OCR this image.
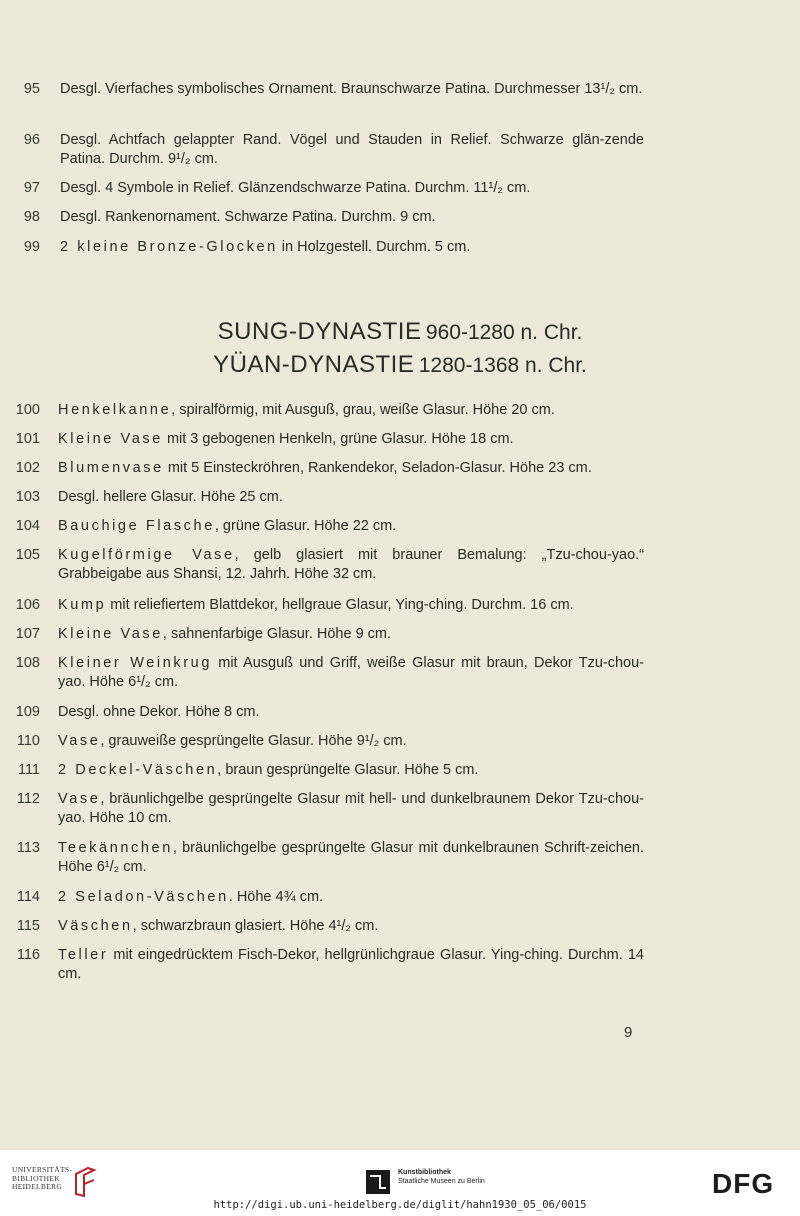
95 Desgl. Vierfaches symbolisches Ornament. Braunschwarze Patina. Durchmesser 13¹/₂ cm.
96 Desgl. Achtfach gelappter Rand. Vögel und Stauden in Relief. Schwarze glän-zende Patina. Durchm. 9¹/₂ cm.
97 Desgl. 4 Symbole in Relief. Glänzendschwarze Patina. Durchm. 11¹/₂ cm.
98 Desgl. Rankenornament. Schwarze Patina. Durchm. 9 cm.
99 2 kleine Bronze-Glocken in Holzgestell. Durchm. 5 cm.
SUNG-DYNASTIE 960-1280 n. Chr.
YÜAN-DYNASTIE 1280-1368 n. Chr.
100 Henkelkanne, spiralförmig, mit Ausguß, grau, weiße Glasur. Höhe 20 cm.
101 Kleine Vase mit 3 gebogenen Henkeln, grüne Glasur. Höhe 18 cm.
102 Blumenvase mit 5 Einsteckröhren, Rankendekor, Seladon-Glasur. Höhe 23 cm.
103 Desgl. hellere Glasur. Höhe 25 cm.
104 Bauchige Flasche, grüne Glasur. Höhe 22 cm.
105 Kugelförmige Vase, gelb glasiert mit brauner Bemalung: „Tzu-chou-yao.“ Grabbeigabe aus Shansi, 12. Jahrh. Höhe 32 cm.
106 Kump mit reliefiertem Blattdekor, hellgraue Glasur, Ying-ching. Durchm. 16 cm.
107 Kleine Vase, sahnenfarbige Glasur. Höhe 9 cm.
108 Kleiner Weinkrug mit Ausguß und Griff, weiße Glasur mit braun, Dekor Tzu-chou-yao. Höhe 6¹/₂ cm.
109 Desgl. ohne Dekor. Höhe 8 cm.
110 Vase, grauweiße gesprüngelte Glasur. Höhe 9¹/₂ cm.
111 2 Deckel-Väschen, braun gesprüngelte Glasur. Höhe 5 cm.
112 Vase, bräunlichgelbe gesprüngelte Glasur mit hell- und dunkelbraunem Dekor Tzu-chou-yao. Höhe 10 cm.
113 Teekännchen, bräunlichgelbe gesprüngelte Glasur mit dunkelbraunen Schrift-zeichen. Höhe 6¹/₂ cm.
114 2 Seladon-Väschen. Höhe 4¾ cm.
115 Väschen, schwarzbraun glasiert. Höhe 4¹/₂ cm.
116 Teller mit eingedrücktem Fisch-Dekor, hellgrünlichgraue Glasur. Ying-ching. Durchm. 14 cm.
9
UNIVERSITÄTS-
BIBLIOTHEK
HEIDELBERG
Kunstbibliothek
Staatliche Museen zu Berlin	DFG
http://digi.ub.uni-heidelberg.de/diglit/hahn1930_05_06/0015
